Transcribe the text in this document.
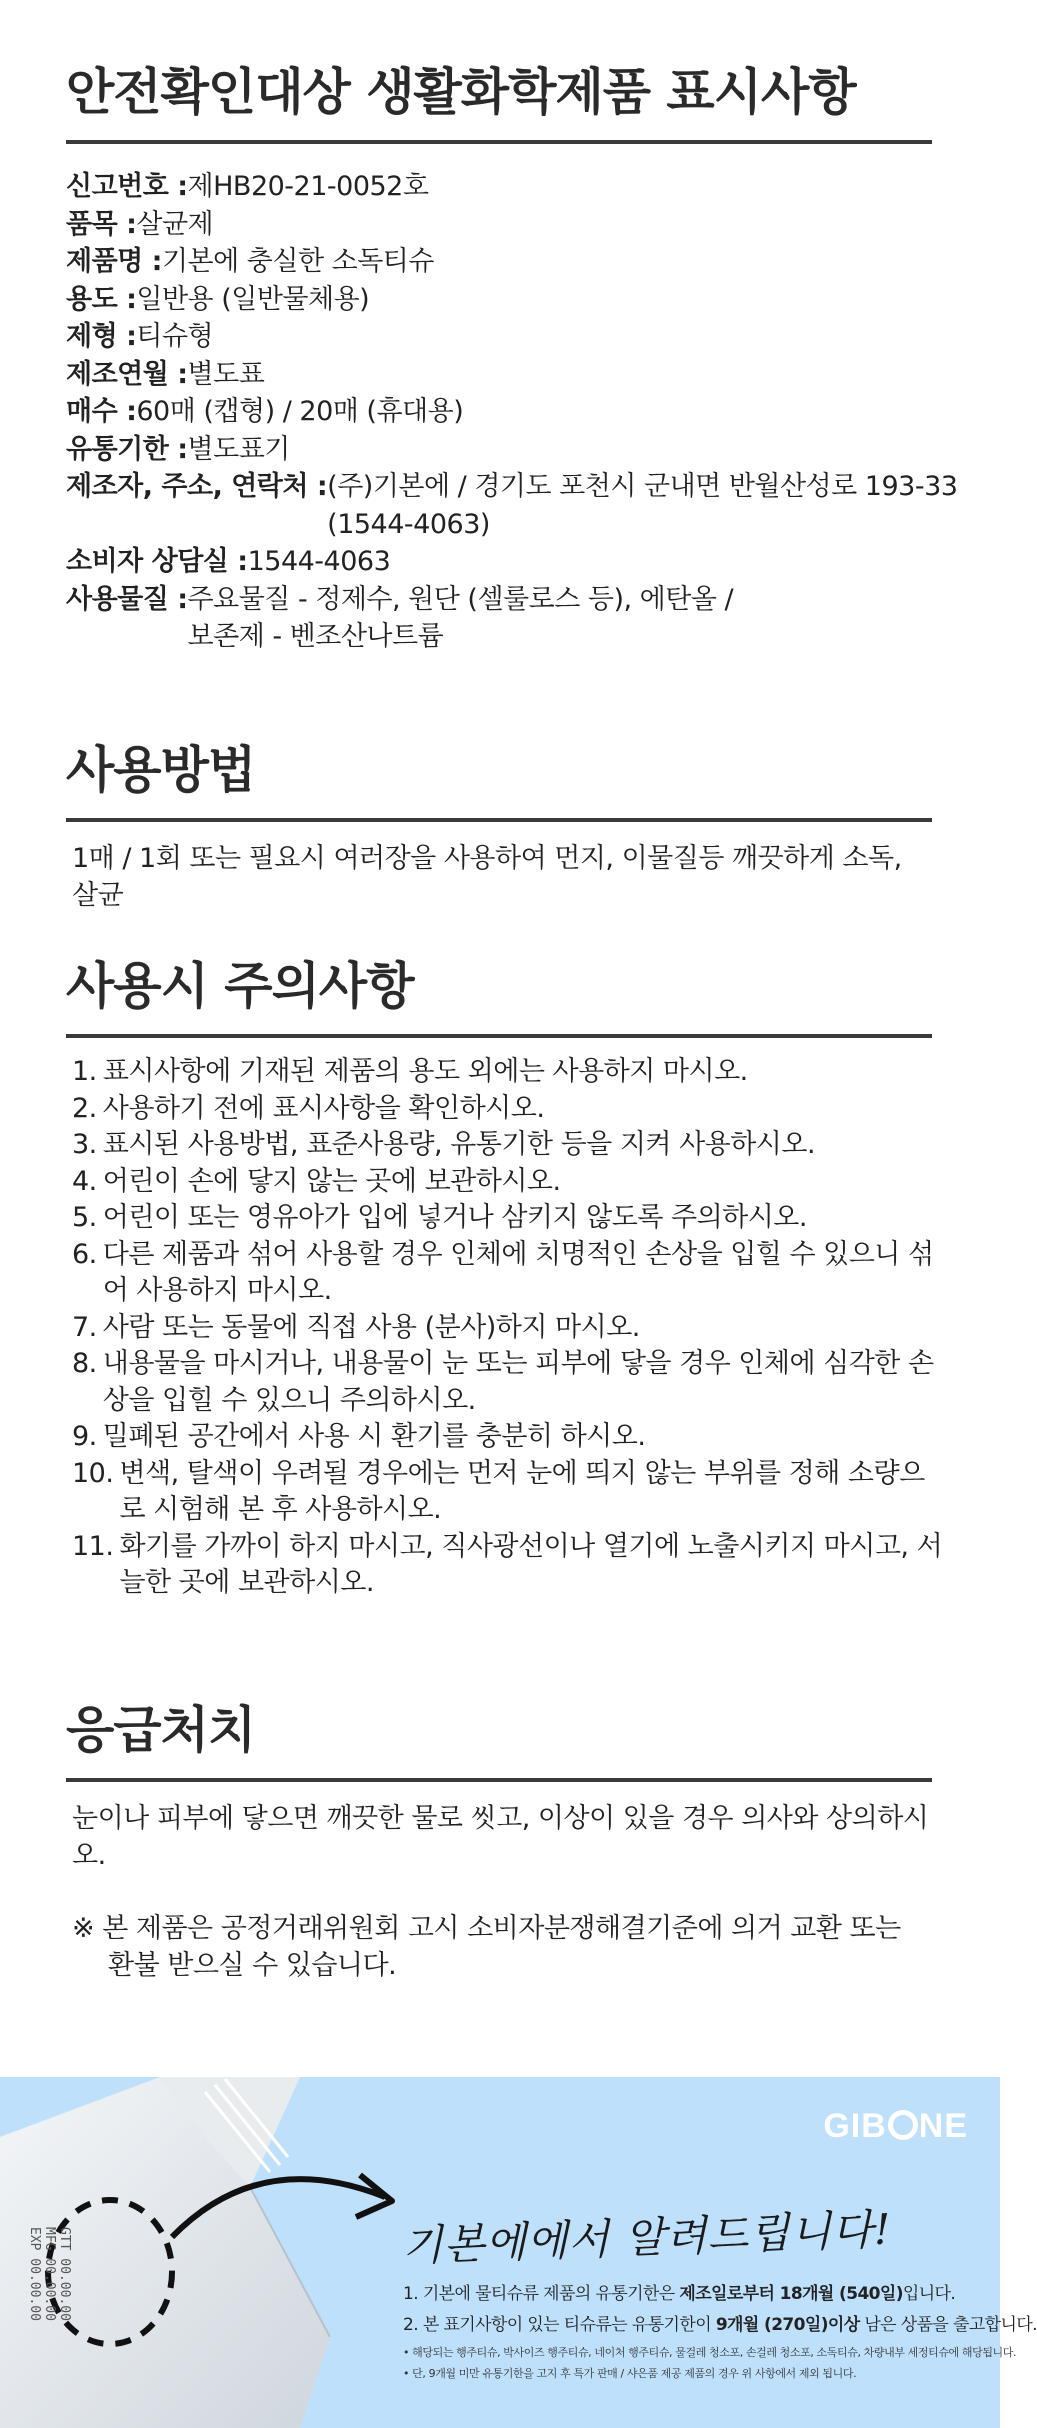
안전확인대상 생활화학제품 표시사항
신고번호 : 제HB20-21-0052호
품목 : 살균제
제품명 : 기본에 충실한 소독티슈
용도 : 일반용 (일반물체용)
제형 : 티슈형
제조연월 : 별도표
매수 : 60매 (캡형) / 20매 (휴대용)
유통기한 : 별도표기
제조자, 주소, 연락처 : (주)기본에 / 경기도 포천시 군내면 반월산성로 193-33
(1544-4063)
소비자 상담실 : 1544-4063
사용물질 : 주요물질 - 정제수, 원단 (셀룰로스 등), 에탄올 /
보존제 - 벤조산나트륨
사용방법
1매 / 1회 또는 필요시 여러장을 사용하여 먼지, 이물질등 깨끗하게 소독, 살균
사용시 주의사항
1. 표시사항에 기재된 제품의 용도 외에는 사용하지 마시오.
2. 사용하기 전에 표시사항을 확인하시오.
3. 표시된 사용방법, 표준사용량, 유통기한 등을 지켜 사용하시오.
4. 어린이 손에 닿지 않는 곳에 보관하시오.
5. 어린이 또는 영유아가 입에 넣거나 삼키지 않도록 주의하시오.
6. 다른 제품과 섞어 사용할 경우 인체에 치명적인 손상을 입힐 수 있으니 섞어 사용하지 마시오.
7. 사람 또는 동물에 직접 사용 (분사)하지 마시오.
8. 내용물을 마시거나, 내용물이 눈 또는 피부에 닿을 경우 인체에 심각한 손상을 입힐 수 있으니 주의하시오.
9. 밀폐된 공간에서 사용 시 환기를 충분히 하시오.
10. 변색, 탈색이 우려될 경우에는 먼저 눈에 띄지 않는 부위를 정해 소량으로 시험해 본 후 사용하시오.
11. 화기를 가까이 하지 마시고, 직사광선이나 열기에 노출시키지 마시고, 서늘한 곳에 보관하시오.
응급처치
눈이나 피부에 닿으면 깨끗한 물로 씻고, 이상이 있을 경우 의사와 상의하시오.
※ 본 제품은 공정거래위원회 고시 소비자분쟁해결기준에 의거 교환 또는 환불 받으실 수 있습니다.
GTT 00.00.00
MFG 00.00.00
EXP 00.00.00
GIB NE
기본에에서 알려드립니다!
1. 기본에 물티슈류 제품의 유통기한은 제조일로부터 18개월 (540일)입니다.
2. 본 표기사항이 있는 티슈류는 유통기한이 9개월 (270일)이상 남은 상품을 출고합니다.
• 해당되는 행주티슈, 박사이즈 행주티슈, 네이처 행주티슈, 물걸레 청소포, 손걸레 청소포, 소독티슈, 차량내부 세정티슈에 해당됩니다.
• 단, 9개월 미만 유통기한을 고지 후 특가 판매 / 샤은품 제공 제품의 경우 위 사항에서 제외 됩니다.
